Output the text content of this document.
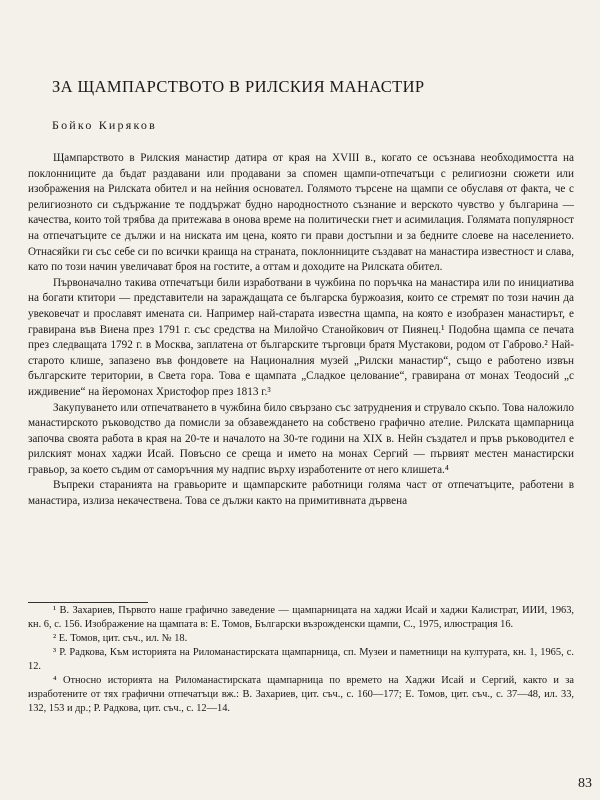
ЗА ЩАМПАРСТВОТО В РИЛСКИЯ МАНАСТИР
Бойко Киряков

Щампарството в Рилския манастир датира от края на XVIII в., когато се осъзнава необходимостта на поклонниците да бъдат раздавани или продавани за спомен щампи-отпечатъци с религиозни сюжети или изображения на Рилската обител и на нейния основател. Голямото търсене на щампи се обуславя от факта, че с религиозното си съдържание те поддържат будно народностното съзнание и верското чувство у българина — качества, които той трябва да притежава в онова време на политически гнет и асимилация. Голямата популярност на отпечатъците се дължи и на ниската им цена, която ги прави достъпни и за бедните слоеве на населението. Отнасяйки ги със себе си по всички краища на страната, поклонниците създават на манастира известност и слава, като по този начин увеличават броя на гостите, а оттам и доходите на Рилската обител.

Първоначално такива отпечатъци били изработвани в чужбина по поръчка на манастира или по инициатива на богати ктитори — представители на зараждащата се българска буржоазия, които се стремят по този начин да увековечат и прославят имената си. Например най-старата известна щампа, на която е изобразен манастирът, е гравирана във Виена през 1791 г. със средства на Милойчо Станойкович от Пиянец.¹ Подобна щампа се печата през следващата 1792 г. в Москва, заплатена от българските търговци братя Мустакови, родом от Габрово.² Най-старото клише, запазено във фондовете на Националния музей „Рилски манастир“, също е работено извън българските територии, в Света гора. Това е щампата „Сладкое целование“, гравирана от монах Теодосий „с иждивение“ на йеромонах Христофор през 1813 г.³

Закупуването или отпечатването в чужбина било свързано със затруднения и струвало скъпо. Това наложило манастирското ръководство да помисли за обзавеждането на собствено графично ателие. Рилската щампарница започва своята работа в края на 20-те и началото на 30-те години на XIX в. Нейн създател и пръв ръководител е рилският монах хаджи Исай. Повъсно се среща и името на монах Сергий — първият местен манастирски гравьор, за което съдим от саморъчния му надпис върху изработените от него клишета.⁴

Въпреки старанията на гравьорите и щампарските работници голяма част от отпечатъците, работени в манастира, излиза некачествена. Това се дължи както на примитивната дървена

¹ В. Захариев, Първото наше графично заведение — щампарницата на хаджи Исай и хаджи Калистрат, ИИИ, 1963, кн. 6, с. 156. Изображение на щампата в: Е. Томов, Български възрожденски щампи, С., 1975, илюстрация 16.

² Е. Томов, цит. съч., ил. № 18.

³ Р. Радкова, Към историята на Риломанастирската щампарница, сп. Музеи и паметници на културата, кн. 1, 1965, с. 12.

⁴ Относно историята на Риломанастирската щампарница по времето на Хаджи Исай и Сергий, както и за изработените от тях графични отпечатъци вж.: В. Захариев, цит. съч., с. 160—177; Е. Томов, цит. съч., с. 37—48, ил. 33, 132, 153 и др.; Р. Радкова, цит. съч., с. 12—14.

83
